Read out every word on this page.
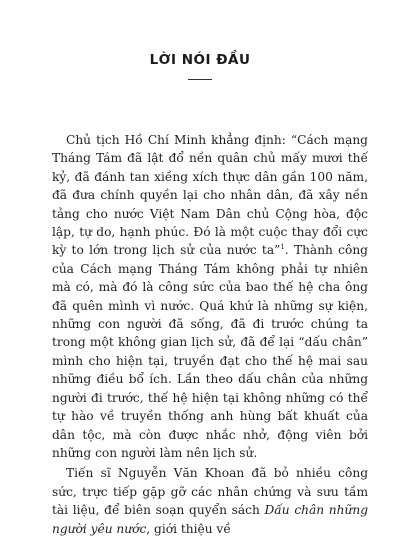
LỜI NÓI ĐẦU

Chủ tịch Hồ Chí Minh khẳng định: “Cách mạng Tháng Tám đã lật đổ nền quân chủ mấy mươi thế kỷ, đã đánh tan xiềng xích thực dân gần 100 năm, đã đưa chính quyền lại cho nhân dân, đã xây nền tảng cho nước Việt Nam Dân chủ Cộng hòa, độc lập, tự do, hạnh phúc. Đó là một cuộc thay đổi cực kỳ to lớn trong lịch sử của nước ta”$^1$. Thành công của Cách mạng Tháng Tám không phải tự nhiên mà có, mà đó là công sức của bao thế hệ cha ông đã quên mình vì nước. Quá khứ là những sự kiện, những con người đã sống, đã đi trước chúng ta trong một không gian lịch sử, đã để lại “dấu chân” mình cho hiện tại, truyền đạt cho thế hệ mai sau những điều bổ ích. Lần theo dấu chân của những người đi trước, thế hệ hiện tại không những có thể tự hào về truyền thống anh hùng bất khuất của dân tộc, mà còn được nhắc nhở, động viên bởi những con người làm nên lịch sử.

Tiến sĩ Nguyễn Văn Khoan đã bỏ nhiều công sức, trực tiếp gặp gỡ các nhân chứng và sưu tầm tài liệu, để biên soạn quyển sách Dấu chân những người yêu nước, giới thiệu về
